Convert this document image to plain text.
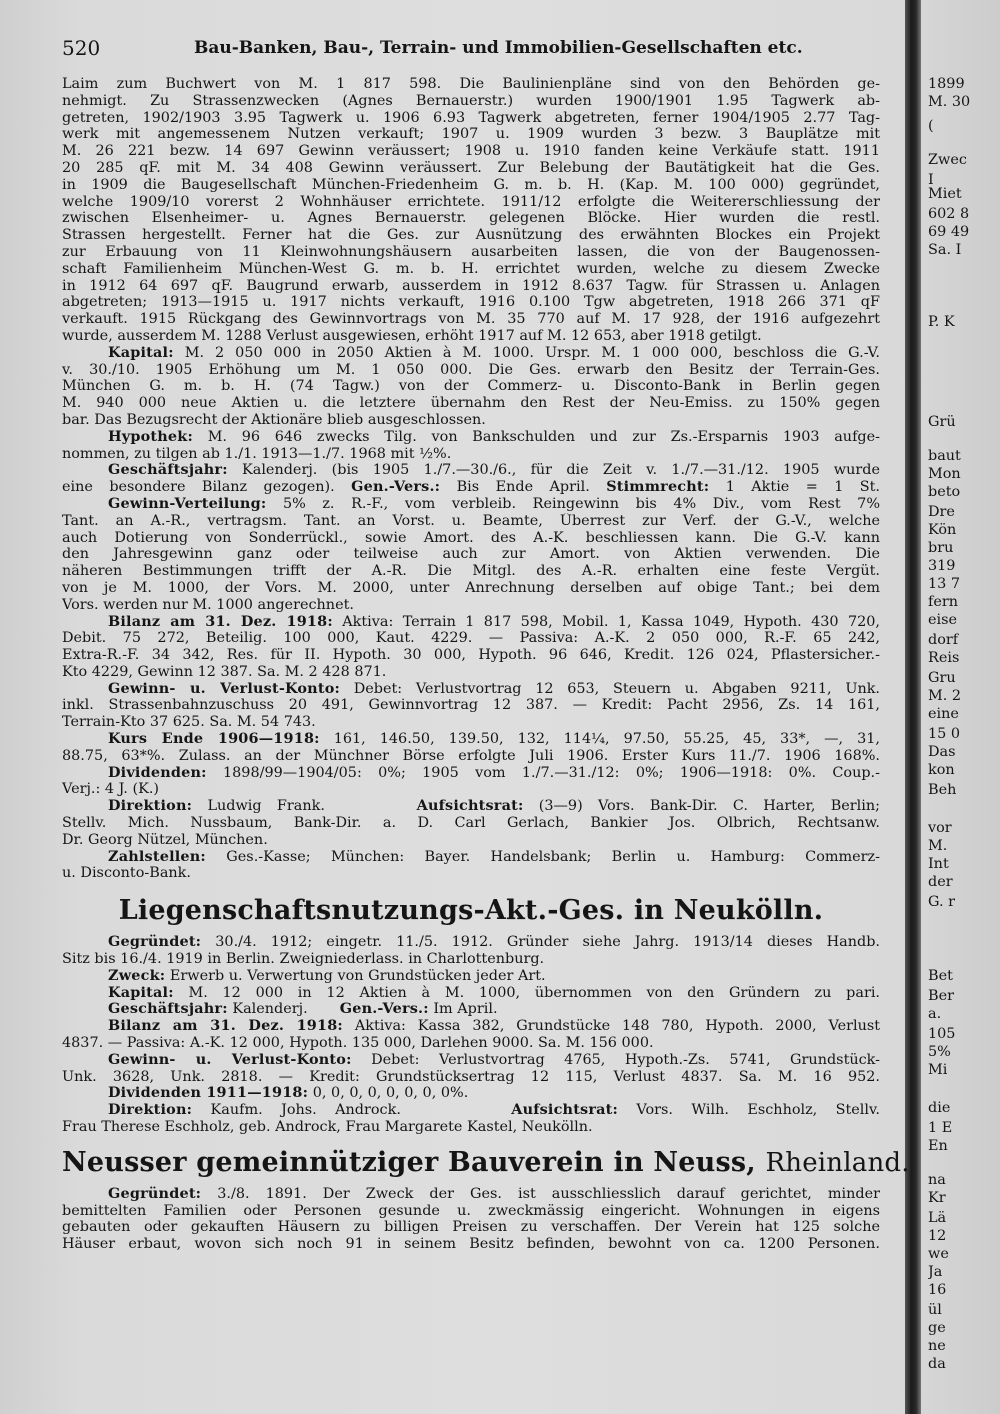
520	Bau-Banken, Bau-, Terrain- und Immobilien-Gesellschaften etc.
Laim zum Buchwert von M. 1 817 598. Die Baulinienpläne sind von den Behörden ge-
nehmigt. Zu Strassenzwecken (Agnes Bernauerstr.) wurden 1900/1901 1.95 Tagwerk ab-
getreten, 1902/1903 3.95 Tagwerk u. 1906 6.93 Tagwerk abgetreten, ferner 1904/1905 2.77 Tag-
werk mit angemessenem Nutzen verkauft; 1907 u. 1909 wurden 3 bezw. 3 Bauplätze mit
M. 26 221 bezw. 14 697 Gewinn veräussert; 1908 u. 1910 fanden keine Verkäufe statt. 1911
20 285 qF. mit M. 34 408 Gewinn veräussert. Zur Belebung der Bautätigkeit hat die Ges.
in 1909 die Baugesellschaft München-Friedenheim G. m. b. H. (Kap. M. 100 000) gegründet,
welche 1909/10 vorerst 2 Wohnhäuser errichtete. 1911/12 erfolgte die Weitererschliessung der
zwischen Elsenheimer- u. Agnes Bernauerstr. gelegenen Blöcke. Hier wurden die restl.
Strassen hergestellt. Ferner hat die Ges. zur Ausnützung des erwähnten Blockes ein Projekt
zur Erbauung von 11 Kleinwohnungshäusern ausarbeiten lassen, die von der Baugenossen-
schaft Familienheim München-West G. m. b. H. errichtet wurden, welche zu diesem Zwecke
in 1912 64 697 qF. Baugrund erwarb, ausserdem in 1912 8.637 Tagw. für Strassen u. Anlagen
abgetreten; 1913—1915 u. 1917 nichts verkauft, 1916 0.100 Tgw abgetreten, 1918 266 371 qF
verkauft. 1915 Rückgang des Gewinnvortrags von M. 35 770 auf M. 17 928, der 1916 aufgezehrt
wurde, ausserdem M. 1288 Verlust ausgewiesen, erhöht 1917 auf M. 12 653, aber 1918 getilgt.
Kapital: M. 2 050 000 in 2050 Aktien à M. 1000. Urspr. M. 1 000 000, beschloss die G.-V.
v. 30./10. 1905 Erhöhung um M. 1 050 000. Die Ges. erwarb den Besitz der Terrain-Ges.
München G. m. b. H. (74 Tagw.) von der Commerz- u. Disconto-Bank in Berlin gegen
M. 940 000 neue Aktien u. die letztere übernahm den Rest der Neu-Emiss. zu 150% gegen
bar. Das Bezugsrecht der Aktionäre blieb ausgeschlossen.
Hypothek: M. 96 646 zwecks Tilg. von Bankschulden und zur Zs.-Ersparnis 1903 aufge-
nommen, zu tilgen ab 1./1. 1913—1./7. 1968 mit ½%.
Geschäftsjahr: Kalenderj. (bis 1905 1./7.—30./6., für die Zeit v. 1./7.—31./12. 1905 wurde
eine besondere Bilanz gezogen). Gen.-Vers.: Bis Ende April. Stimmrecht: 1 Aktie = 1 St.
Gewinn-Verteilung: 5% z. R.-F., vom verbleib. Reingewinn bis 4% Div., vom Rest 7%
Tant. an A.-R., vertragsm. Tant. an Vorst. u. Beamte, Überrest zur Verf. der G.-V., welche
auch Dotierung von Sonderrückl., sowie Amort. des A.-K. beschliessen kann. Die G.-V. kann
den Jahresgewinn ganz oder teilweise auch zur Amort. von Aktien verwenden. Die
näheren Bestimmungen trifft der A.-R. Die Mitgl. des A.-R. erhalten eine feste Vergüt.
von je M. 1000, der Vors. M. 2000, unter Anrechnung derselben auf obige Tant.; bei dem
Vors. werden nur M. 1000 angerechnet.
Bilanz am 31. Dez. 1918: Aktiva: Terrain 1 817 598, Mobil. 1, Kassa 1049, Hypoth. 430 720,
Debit. 75 272, Beteilig. 100 000, Kaut. 4229. — Passiva: A.-K. 2 050 000, R.-F. 65 242,
Extra-R.-F. 34 342, Res. für II. Hypoth. 30 000, Hypoth. 96 646, Kredit. 126 024, Pflastersicher.-
Kto 4229, Gewinn 12 387. Sa. M. 2 428 871.
Gewinn- u. Verlust-Konto: Debet: Verlustvortrag 12 653, Steuern u. Abgaben 9211, Unk.
inkl. Strassenbahnzuschuss 20 491, Gewinnvortrag 12 387. — Kredit: Pacht 2956, Zs. 14 161,
Terrain-Kto 37 625. Sa. M. 54 743.
Kurs Ende 1906—1918: 161, 146.50, 139.50, 132, 114¼, 97.50, 55.25, 45, 33*, —, 31,
88.75, 63*%. Zulass. an der Münchner Börse erfolgte Juli 1906. Erster Kurs 11./7. 1906 168%.
Dividenden: 1898/99—1904/05: 0%; 1905 vom 1./7.—31./12: 0%; 1906—1918: 0%. Coup.-
Verj.: 4 J. (K.)
Direktion: Ludwig Frank.	Aufsichtsrat: (3—9) Vors. Bank-Dir. C. Harter, Berlin;
Stellv. Mich. Nussbaum, Bank-Dir. a. D. Carl Gerlach, Bankier Jos. Olbrich, Rechtsanw.
Dr. Georg Nützel, München.
Zahlstellen: Ges.-Kasse; München: Bayer. Handelsbank; Berlin u. Hamburg: Commerz-
u. Disconto-Bank.
Liegenschaftsnutzungs-Akt.-Ges. in Neukölln.
Gegründet: 30./4. 1912; eingetr. 11./5. 1912. Gründer siehe Jahrg. 1913/14 dieses Handb.
Sitz bis 16./4. 1919 in Berlin. Zweigniederlass. in Charlottenburg.
Zweck: Erwerb u. Verwertung von Grundstücken jeder Art.
Kapital: M. 12 000 in 12 Aktien à M. 1000, übernommen von den Gründern zu pari.
Geschäftsjahr: Kalenderj. Gen.-Vers.: Im April.
Bilanz am 31. Dez. 1918: Aktiva: Kassa 382, Grundstücke 148 780, Hypoth. 2000, Verlust
4837. — Passiva: A.-K. 12 000, Hypoth. 135 000, Darlehen 9000. Sa. M. 156 000.
Gewinn- u. Verlust-Konto: Debet: Verlustvortrag 4765, Hypoth.-Zs. 5741, Grundstück-
Unk. 3628, Unk. 2818. — Kredit: Grundstücksertrag 12 115, Verlust 4837. Sa. M. 16 952.
Dividenden 1911—1918: 0, 0, 0, 0, 0, 0, 0, 0%.
Direktion: Kaufm. Johs. Androck.	Aufsichtsrat: Vors. Wilh. Eschholz, Stellv.
Frau Therese Eschholz, geb. Androck, Frau Margarete Kastel, Neukölln.
Neusser gemeinnütziger Bauverein in Neuss, Rheinland.
Gegründet: 3./8. 1891. Der Zweck der Ges. ist ausschliesslich darauf gerichtet, minder
bemittelten Familien oder Personen gesunde u. zweckmässig eingericht. Wohnungen in eigens
gebauten oder gekauften Häusern zu billigen Preisen zu verschaffen. Der Verein hat 125 solche
Häuser erbaut, wovon sich noch 91 in seinem Besitz befinden, bewohnt von ca. 1200 Personen.
1899
M. 30
(
Zwec
I
Miet
602 8
69 49
Sa. I
P. K
Grü
baut
Mon
beto
Dre
Kön
bru
319
13 7
fern
eise
dorf
Reis
Gru
M. 2
eine
15 0
Das
kon
Beh
vor
M.
Int
der
G. r
Bet
Ber
a.
105
5%
Mi
die
1 E
En
na
Kr
Lä
12
we
Ja
16
ül
ge
ne
da
